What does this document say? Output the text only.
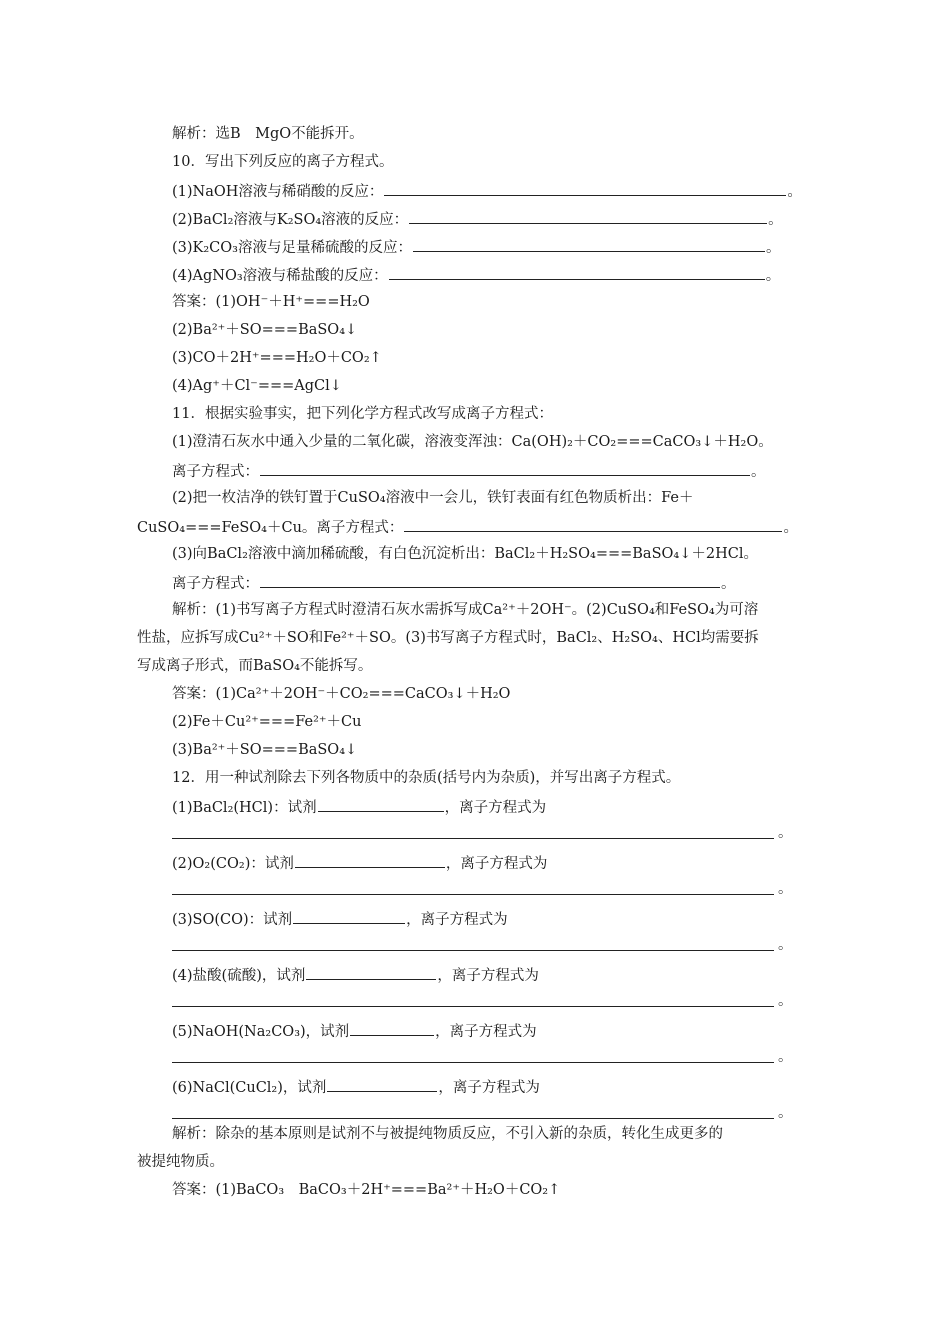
解析：选B　MgO不能拆开。
10．写出下列反应的离子方程式。
(1)NaOH溶液与稀硝酸的反应：	。
(2)BaCl₂溶液与K₂SO₄溶液的反应：	。
(3)K₂CO₃溶液与足量稀硫酸的反应：	。
(4)AgNO₃溶液与稀盐酸的反应：	。
答案：(1)OH⁻＋H⁺===H₂O
(2)Ba²⁺＋SO===BaSO₄↓
(3)CO＋2H⁺===H₂O＋CO₂↑
(4)Ag⁺＋Cl⁻===AgCl↓
11．根据实验事实，把下列化学方程式改写成离子方程式：
(1)澄清石灰水中通入少量的二氧化碳，溶液变浑浊：Ca(OH)₂＋CO₂===CaCO₃↓＋H₂O。
离子方程式：	。
(2)把一枚洁净的铁钉置于CuSO₄溶液中一会儿，铁钉表面有红色物质析出：Fe＋
CuSO₄===FeSO₄＋Cu。离子方程式：	。
(3)向BaCl₂溶液中滴加稀硫酸，有白色沉淀析出：BaCl₂＋H₂SO₄===BaSO₄↓＋2HCl。
离子方程式：	。
解析：(1)书写离子方程式时澄清石灰水需拆写成Ca²⁺＋2OH⁻。(2)CuSO₄和FeSO₄为可溶
性盐，应拆写成Cu²⁺＋SO和Fe²⁺＋SO。(3)书写离子方程式时，BaCl₂、H₂SO₄、HCl均需要拆
写成离子形式，而BaSO₄不能拆写。
答案：(1)Ca²⁺＋2OH⁻＋CO₂===CaCO₃↓＋H₂O
(2)Fe＋Cu²⁺===Fe²⁺＋Cu
(3)Ba²⁺＋SO===BaSO₄↓
12．用一种试剂除去下列各物质中的杂质(括号内为杂质)，并写出离子方程式。
(1)BaCl₂(HCl)：试剂	，离子方程式为
。
(2)O₂(CO₂)：试剂	，离子方程式为
。
(3)SO(CO)：试剂	，离子方程式为
。
(4)盐酸(硫酸)，试剂	，离子方程式为
。
(5)NaOH(Na₂CO₃)，试剂	，离子方程式为
。
(6)NaCl(CuCl₂)，试剂	，离子方程式为
。
解析：除杂的基本原则是试剂不与被提纯物质反应，不引入新的杂质，转化生成更多的
被提纯物质。
答案：(1)BaCO₃　BaCO₃＋2H⁺===Ba²⁺＋H₂O＋CO₂↑
